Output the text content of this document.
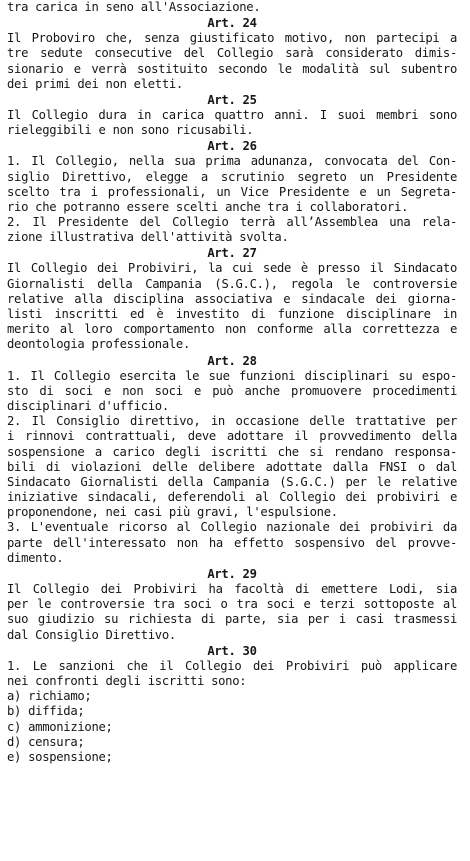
tra carica in seno all'Associazione.
Art. 24
Il Proboviro che, senza giustificato motivo, non partecipi a
tre sedute consecutive del Collegio sarà considerato dimis-
sionario e verrà sostituito secondo le modalità sul subentro
dei primi dei non eletti.
Art. 25
Il Collegio dura in carica quattro anni. I suoi membri sono
rieleggibili e non sono ricusabili.
Art. 26
1. Il Collegio, nella sua prima adunanza, convocata del Con-
siglio Direttivo, elegge a scrutinio segreto un Presidente
scelto tra i professionali, un Vice Presidente e un Segreta-
rio che potranno essere scelti anche tra i collaboratori.
2. Il Presidente del Collegio terrà all’Assemblea una rela-
zione illustrativa dell'attività svolta.
Art. 27
Il Collegio dei Probiviri, la cui sede è presso il Sindacato
Giornalisti della Campania (S.G.C.), regola le controversie
relative alla disciplina associativa e sindacale dei giorna-
listi inscritti ed è investito di funzione disciplinare in
merito al loro comportamento non conforme alla correttezza e
deontologia professionale.
Art. 28
1. Il Collegio esercita le sue funzioni disciplinari su espo-
sto di soci e non soci e può anche promuovere procedimenti
disciplinari d'ufficio.
2. Il Consiglio direttivo, in occasione delle trattative per
i rinnovi contrattuali, deve adottare il provvedimento della
sospensione a carico degli iscritti che si rendano responsa-
bili di violazioni delle delibere adottate dalla FNSI o dal
Sindacato Giornalisti della Campania (S.G.C.) per le relative
iniziative sindacali, deferendoli al Collegio dei probiviri e
proponendone, nei casi più gravi, l'espulsione.
3. L'eventuale ricorso al Collegio nazionale dei probiviri da
parte dell'interessato non ha effetto sospensivo del provve-
dimento.
Art. 29
Il Collegio dei Probiviri ha facoltà di emettere Lodi, sia
per le controversie tra soci o tra soci e terzi sottoposte al
suo giudizio su richiesta di parte, sia per i casi trasmessi
dal Consiglio Direttivo.
Art. 30
1. Le sanzioni che il Collegio dei Probiviri può applicare
nei confronti degli iscritti sono:
a) richiamo;
b) diffida;
c) ammonizione;
d) censura;
e) sospensione;
